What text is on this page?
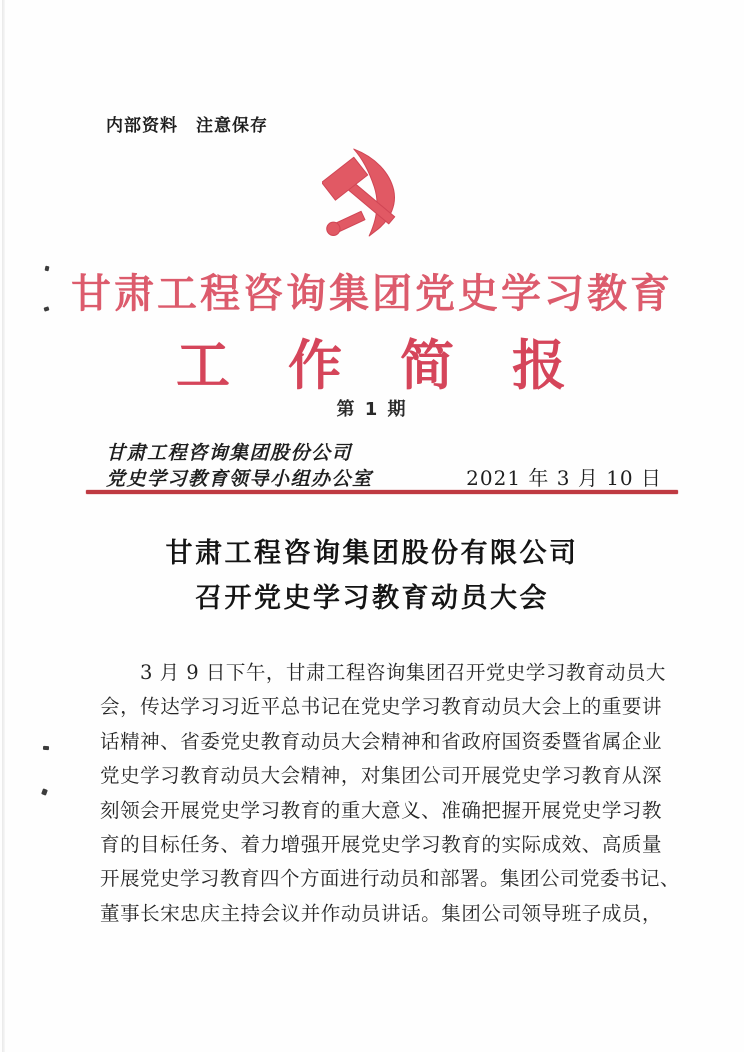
内部资料　注意保存
甘肃工程咨询集团党史学习教育
工　作　简　报
第 1 期
甘肃工程咨询集团股份公司
党史学习教育领导小组办公室	2021 年 3 月 10 日
甘肃工程咨询集团股份有限公司
召开党史学习教育动员大会
　　3 月 9 日下午，甘肃工程咨询集团召开党史学习教育动员大
会，传达学习习近平总书记在党史学习教育动员大会上的重要讲
话精神、省委党史教育动员大会精神和省政府国资委暨省属企业
党史学习教育动员大会精神，对集团公司开展党史学习教育从深
刻领会开展党史学习教育的重大意义、准确把握开展党史学习教
育的目标任务、着力增强开展党史学习教育的实际成效、高质量
开展党史学习教育四个方面进行动员和部署。集团公司党委书记、
董事长宋忠庆主持会议并作动员讲话。集团公司领导班子成员，
